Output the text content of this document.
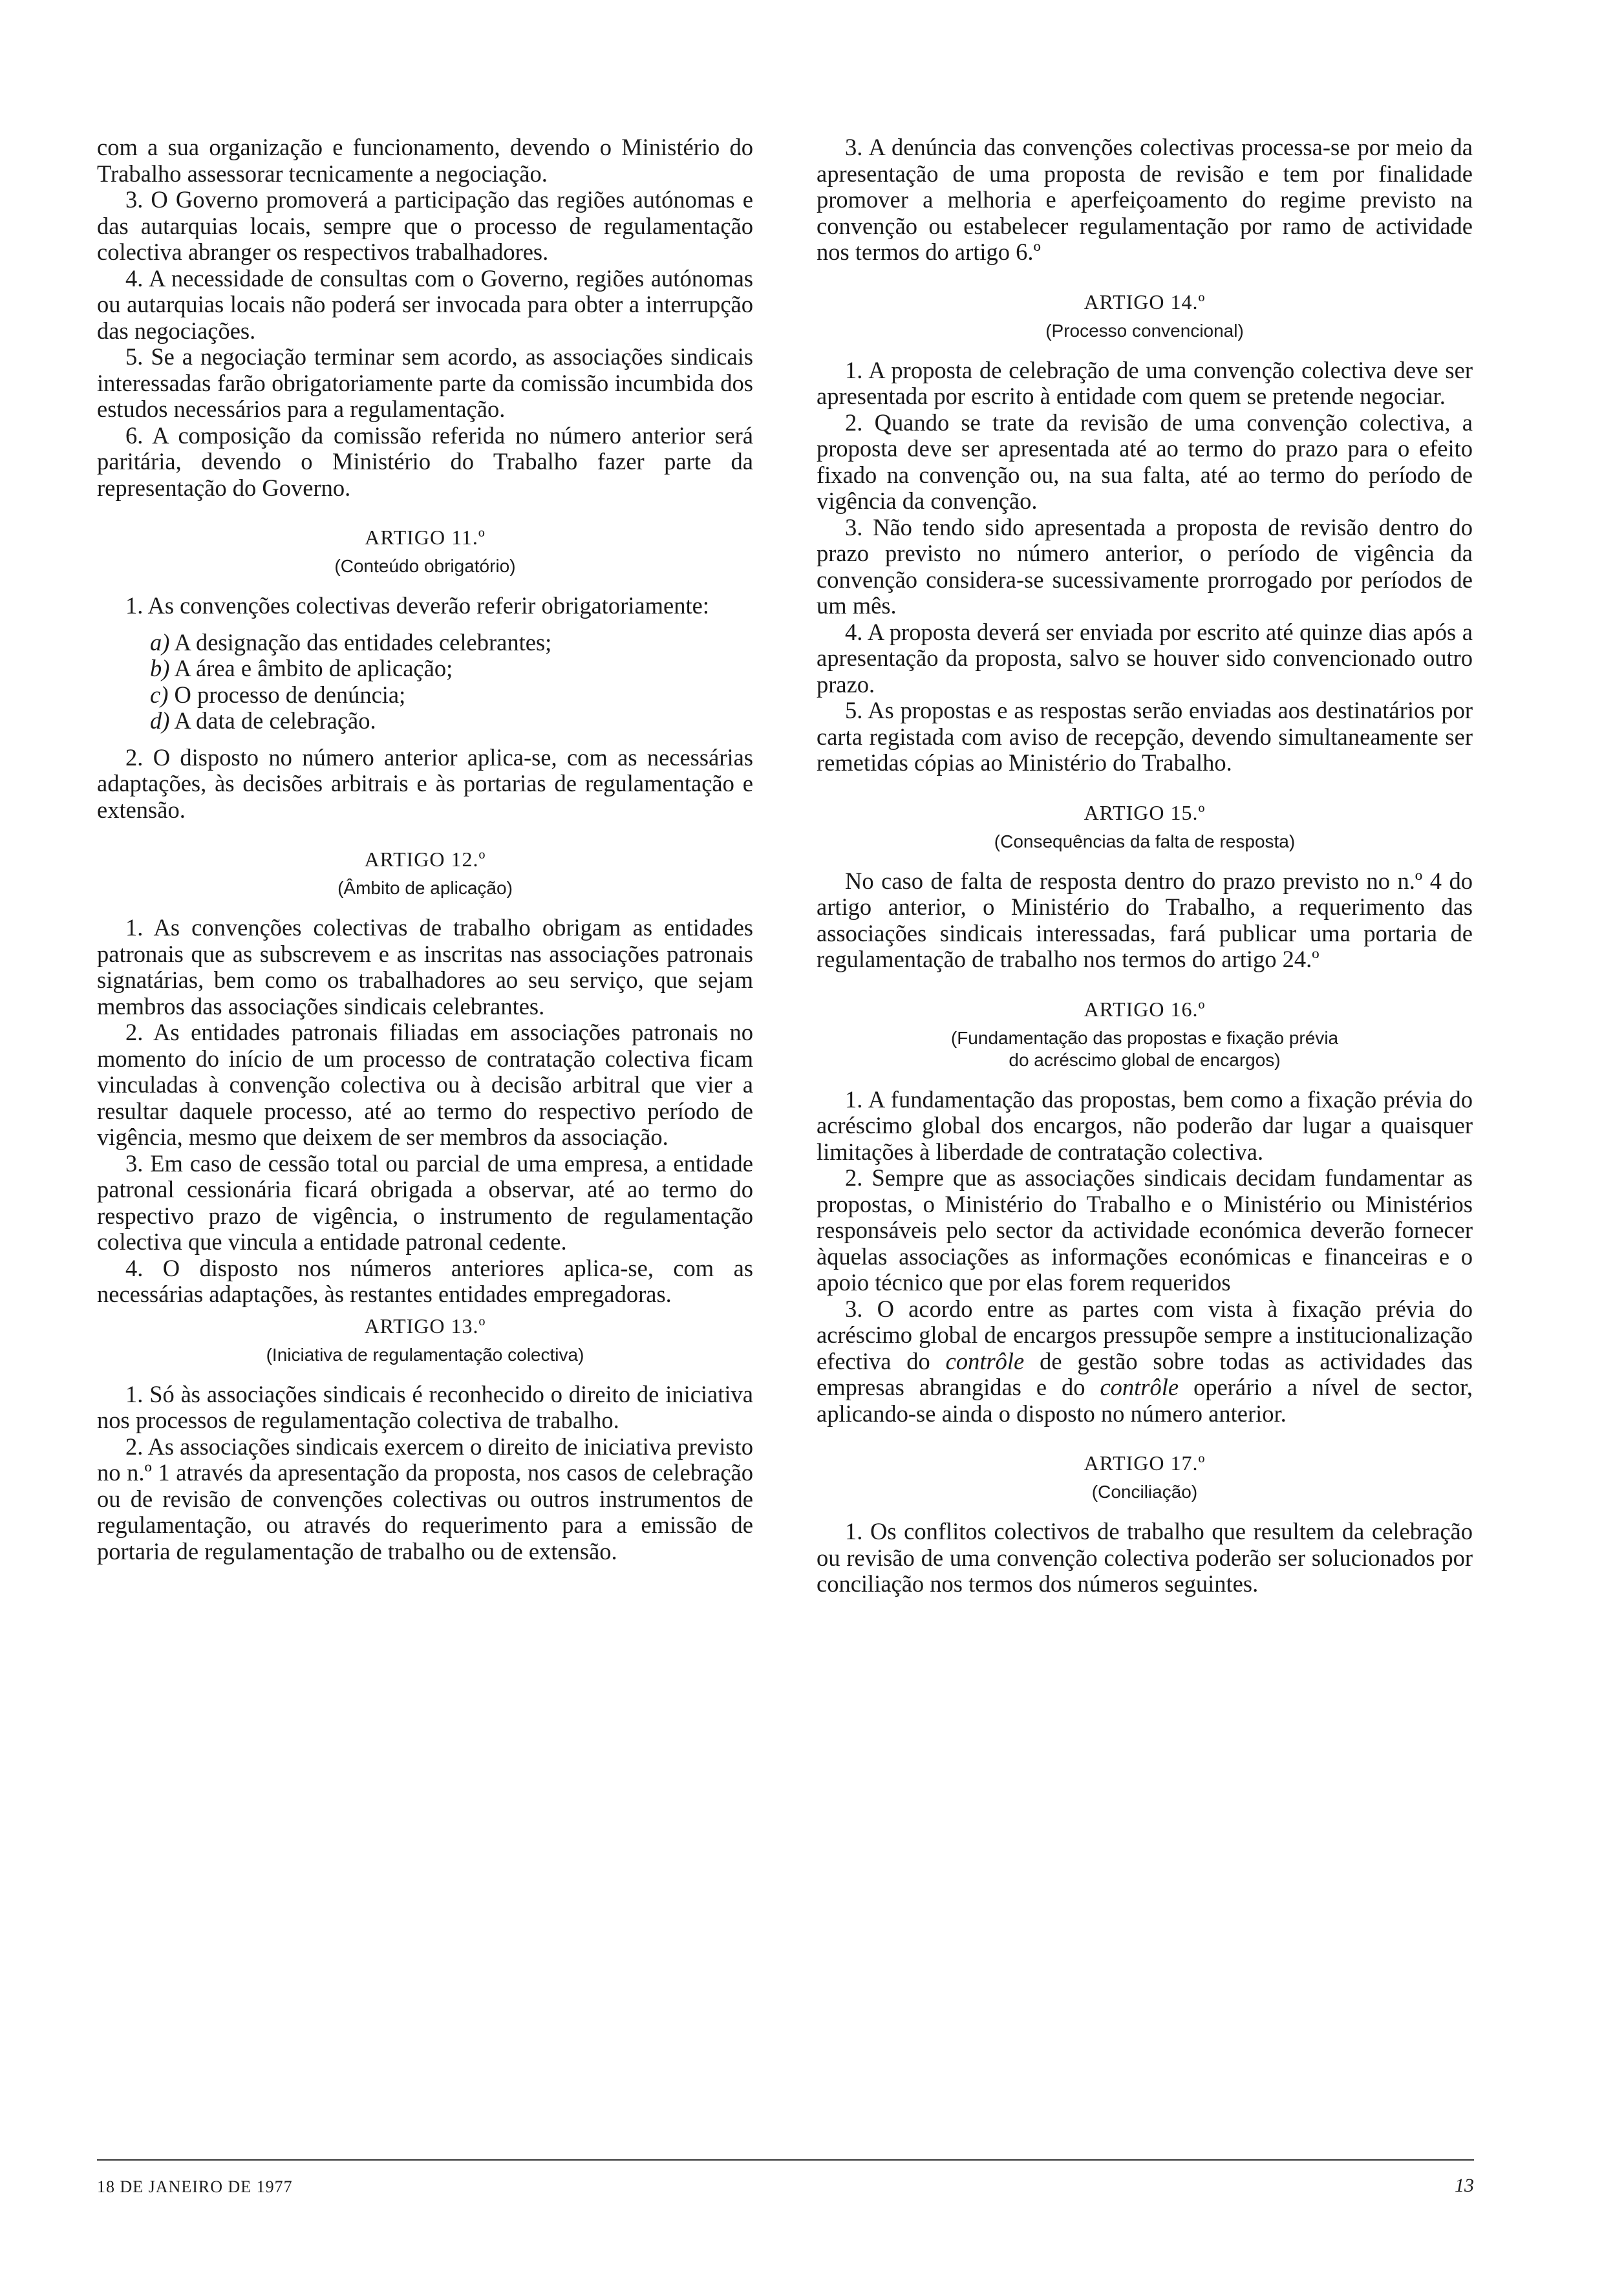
com a sua organização e funcionamento, devendo o Ministério do Trabalho assessorar tecnicamente a negociação.

3. O Governo promoverá a participação das regiões autónomas e das autarquias locais, sempre que o processo de regulamentação colectiva abranger os respectivos trabalhadores.

4. A necessidade de consultas com o Governo, regiões autónomas ou autarquias locais não poderá ser invocada para obter a interrupção das negociações.

5. Se a negociação terminar sem acordo, as associações sindicais interessadas farão obrigatoriamente parte da comissão incumbida dos estudos necessários para a regulamentação.

6. A composição da comissão referida no número anterior será paritária, devendo o Ministério do Trabalho fazer parte da representação do Governo.

ARTIGO 11.º
(Conteúdo obrigatório)

1. As convenções colectivas deverão referir obrigatoriamente:

a) A designação das entidades celebrantes;
b) A área e âmbito de aplicação;
c) O processo de denúncia;
d) A data de celebração.

2. O disposto no número anterior aplica-se, com as necessárias adaptações, às decisões arbitrais e às portarias de regulamentação e extensão.

ARTIGO 12.º
(Âmbito de aplicação)

1. As convenções colectivas de trabalho obrigam as entidades patronais que as subscrevem e as inscritas nas associações patronais signatárias, bem como os trabalhadores ao seu serviço, que sejam membros das associações sindicais celebrantes.

2. As entidades patronais filiadas em associações patronais no momento do início de um processo de contratação colectiva ficam vinculadas à convenção colectiva ou à decisão arbitral que vier a resultar daquele processo, até ao termo do respectivo período de vigência, mesmo que deixem de ser membros da associação.

3. Em caso de cessão total ou parcial de uma empresa, a entidade patronal cessionária ficará obrigada a observar, até ao termo do respectivo prazo de vigência, o instrumento de regulamentação colectiva que vincula a entidade patronal cedente.

4. O disposto nos números anteriores aplica-se, com as necessárias adaptações, às restantes entidades empregadoras.

ARTIGO 13.º
(Iniciativa de regulamentação colectiva)

1. Só às associações sindicais é reconhecido o direito de iniciativa nos processos de regulamentação colectiva de trabalho.

2. As associações sindicais exercem o direito de iniciativa previsto no n.º 1 através da apresentação da proposta, nos casos de celebração ou de revisão de convenções colectivas ou outros instrumentos de regulamentação, ou através do requerimento para a emissão de portaria de regulamentação de trabalho ou de extensão.

3. A denúncia das convenções colectivas processa-se por meio da apresentação de uma proposta de revisão e tem por finalidade promover a melhoria e aperfeiçoamento do regime previsto na convenção ou estabelecer regulamentação por ramo de actividade nos termos do artigo 6.º

ARTIGO 14.º
(Processo convencional)

1. A proposta de celebração de uma convenção colectiva deve ser apresentada por escrito à entidade com quem se pretende negociar.

2. Quando se trate da revisão de uma convenção colectiva, a proposta deve ser apresentada até ao termo do prazo para o efeito fixado na convenção ou, na sua falta, até ao termo do período de vigência da convenção.

3. Não tendo sido apresentada a proposta de revisão dentro do prazo previsto no número anterior, o período de vigência da convenção considera-se sucessivamente prorrogado por períodos de um mês.

4. A proposta deverá ser enviada por escrito até quinze dias após a apresentação da proposta, salvo se houver sido convencionado outro prazo.

5. As propostas e as respostas serão enviadas aos destinatários por carta registada com aviso de recepção, devendo simultaneamente ser remetidas cópias ao Ministério do Trabalho.

ARTIGO 15.º
(Consequências da falta de resposta)

No caso de falta de resposta dentro do prazo previsto no n.º 4 do artigo anterior, o Ministério do Trabalho, a requerimento das associações sindicais interessadas, fará publicar uma portaria de regulamentação de trabalho nos termos do artigo 24.º

ARTIGO 16.º
(Fundamentação das propostas e fixação prévia
do acréscimo global de encargos)

1. A fundamentação das propostas, bem como a fixação prévia do acréscimo global dos encargos, não poderão dar lugar a quaisquer limitações à liberdade de contratação colectiva.

2. Sempre que as associações sindicais decidam fundamentar as propostas, o Ministério do Trabalho e o Ministério ou Ministérios responsáveis pelo sector da actividade económica deverão fornecer àquelas associações as informações económicas e financeiras e o apoio técnico que por elas forem requeridos

3. O acordo entre as partes com vista à fixação prévia do acréscimo global de encargos pressupõe sempre a institucionalização efectiva do contrôle de gestão sobre todas as actividades das empresas abrangidas e do contrôle operário a nível de sector, aplicando-se ainda o disposto no número anterior.

ARTIGO 17.º
(Conciliação)

1. Os conflitos colectivos de trabalho que resultem da celebração ou revisão de uma convenção colectiva poderão ser solucionados por conciliação nos termos dos números seguintes.

18 DE JANEIRO DE 1977	13
